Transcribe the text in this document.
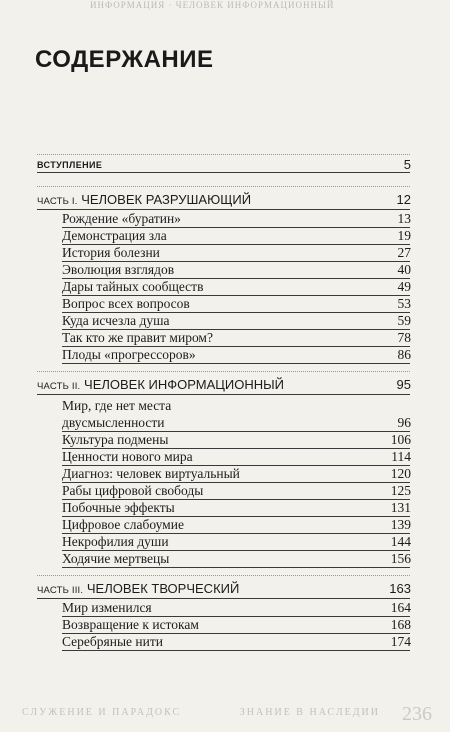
ИНФОРМАЦИЯ · ЧЕЛОВЕК ИНФОРМАЦИОННЫЙ
СЛУЖЕНИЕ И ПАРАДОКС	ЗНАНИЕ В НАСЛЕДИИ 236
СОДЕРЖАНИЕ
ВСТУПЛЕНИЕ	5
ЧАСТЬ I. ЧЕЛОВЕК РАЗРУШАЮЩИЙ	12
Рождение «буратин»	13
Демонстрация зла	19
История болезни	27
Эволюция взглядов	40
Дары тайных сообществ	49
Вопрос всех вопросов	53
Куда исчезла душа	59
Так кто же правит миром?	78
Плоды «прогрессоров»	86
ЧАСТЬ II. ЧЕЛОВЕК ИНФОРМАЦИОННЫЙ	95
Мир, где нет места
двусмысленности	96
Культура подмены	106
Ценности нового мира	114
Диагноз: человек виртуальный	120
Рабы цифровой свободы	125
Побочные эффекты	131
Цифровое слабоумие	139
Некрофилия души	144
Ходячие мертвецы	156
ЧАСТЬ III. ЧЕЛОВЕК ТВОРЧЕСКИЙ	163
Мир изменился	164
Возвращение к истокам	168
Серебряные нити	174
